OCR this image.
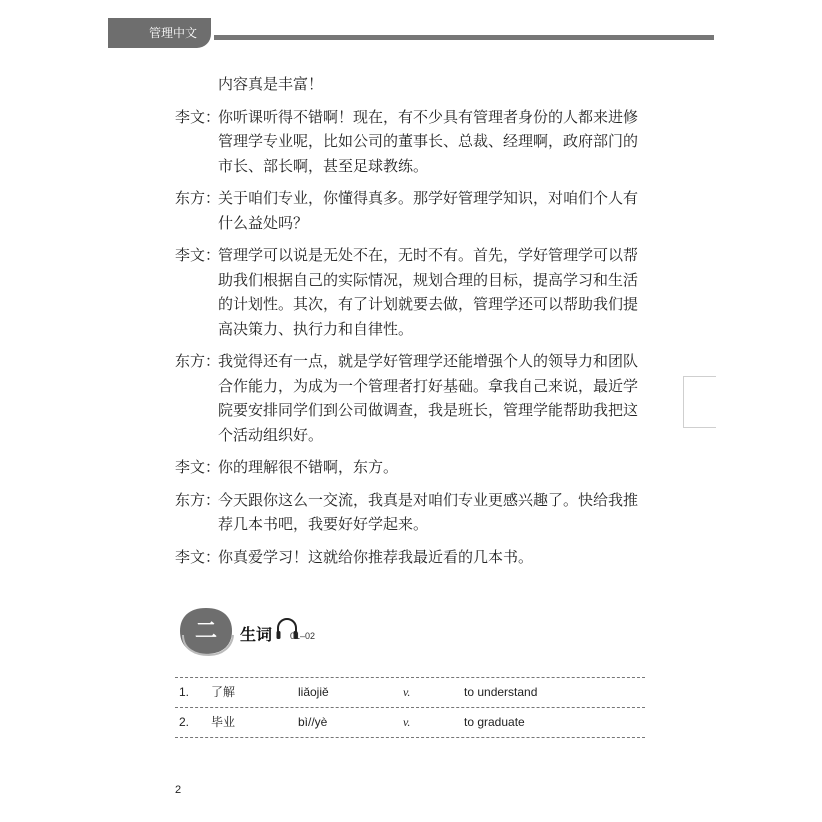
管理中文
内容真是丰富！
李文：
你听课听得不错啊！现在，有不少具有管理者身份的人都来进修管理学专业呢，比如公司的董事长、总裁、经理啊，政府部门的市长、部长啊，甚至足球教练。
东方：
关于咱们专业，你懂得真多。那学好管理学知识，对咱们个人有什么益处吗？
李文：
管理学可以说是无处不在，无时不有。首先，学好管理学可以帮助我们根据自己的实际情况，规划合理的目标，提高学习和生活的计划性。其次，有了计划就要去做，管理学还可以帮助我们提高决策力、执行力和自律性。
东方：
我觉得还有一点，就是学好管理学还能增强个人的领导力和团队合作能力，为成为一个管理者打好基础。拿我自己来说，最近学院要安排同学们到公司做调查，我是班长，管理学能帮助我把这个活动组织好。
李文：
你的理解很不错啊，东方。
东方：
今天跟你这么一交流，我真是对咱们专业更感兴趣了。快给我推荐几本书吧，我要好好学起来。
李文：
你真爱学习！这就给你推荐我最近看的几本书。
二 生词 01–02
1. 了解	liǎojiě	v.	to understand
2. 毕业	bì//yè	v.	to graduate
2
